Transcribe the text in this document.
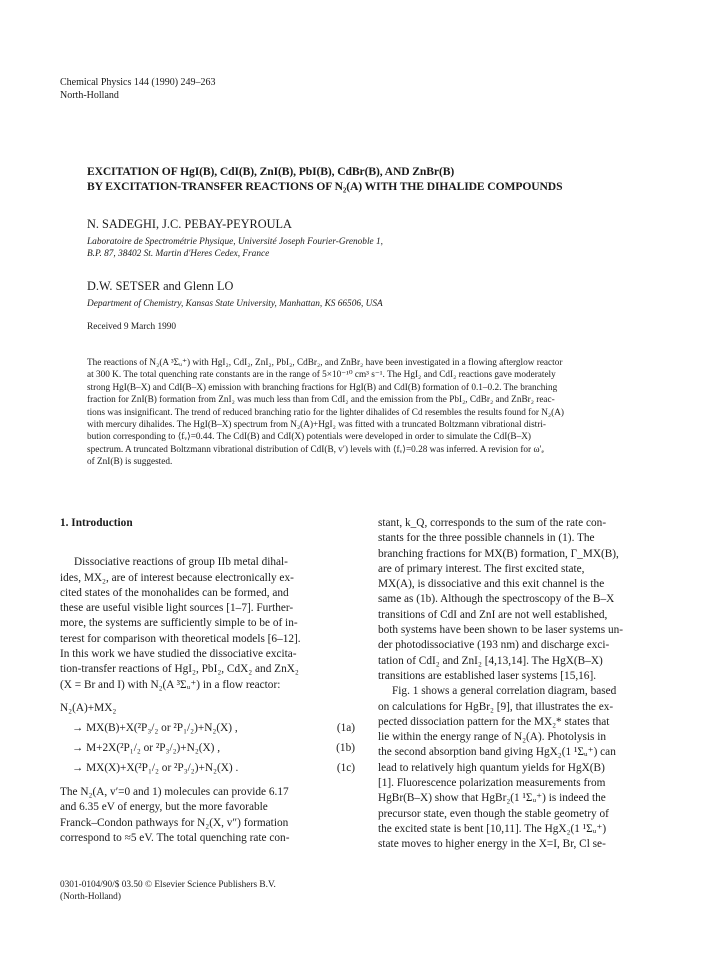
Chemical Physics 144 (1990) 249–263
North-Holland
EXCITATION OF HgI(B), CdI(B), ZnI(B), PbI(B), CdBr(B), AND ZnBr(B)
BY EXCITATION-TRANSFER REACTIONS OF N₂(A) WITH THE DIHALIDE COMPOUNDS
N. SADEGHI, J.C. PEBAY-PEYROULA
Laboratoire de Spectrométrie Physique, Université Joseph Fourier-Grenoble 1,
B.P. 87, 38402 St. Martin d'Heres Cedex, France
D.W. SETSER and Glenn LO
Department of Chemistry, Kansas State University, Manhattan, KS 66506, USA
Received 9 March 1990
The reactions of N₂(A ³Σᵤ⁺) with HgI₂, CdI₂, ZnI₂, PbI₂, CdBr₂, and ZnBr₂ have been investigated in a flowing afterglow reactor
at 300 K. The total quenching rate constants are in the range of 5×10⁻¹⁰ cm³ s⁻¹. The HgI₂ and CdI₂ reactions gave moderately
strong HgI(B–X) and CdI(B–X) emission with branching fractions for HgI(B) and CdI(B) formation of 0.1–0.2. The branching
fraction for ZnI(B) formation from ZnI₂ was much less than from CdI₂ and the emission from the PbI₂, CdBr₂ and ZnBr₂ reac-
tions was insignificant. The trend of reduced branching ratio for the lighter dihalides of Cd resembles the results found for N₂(A)
with mercury dihalides. The HgI(B–X) spectrum from N₂(A)+HgI₂ was fitted with a truncated Boltzmann vibrational distri-
bution corresponding to ⟨fᵥ⟩=0.44. The CdI(B) and CdI(X) potentials were developed in order to simulate the CdI(B–X)
spectrum. A truncated Boltzmann vibrational distribution of CdI(B, v′) levels with ⟨fᵥ⟩=0.28 was inferred. A revision for ω′ₑ
of ZnI(B) is suggested.

1. Introduction

Dissociative reactions of group IIb metal dihal-
ides, MX₂, are of interest because electronically ex-
cited states of the monohalides can be formed, and
these are useful visible light sources [1–7]. Further-
more, the systems are sufficiently simple to be of in-
terest for comparison with theoretical models [6–12].
In this work we have studied the dissociative excita-
tion-transfer reactions of HgI₂, PbI₂, CdX₂ and ZnX₂
(X = Br and I) with N₂(A ³Σᵤ⁺) in a flow reactor:
N₂(A)+MX₂
→ MX(B)+X(²P₃/₂ or ²P₁/₂)+N₂(X) ,	(1a)
→ M+2X(²P₁/₂ or ²P₃/₂)+N₂(X) ,	(1b)
→ MX(X)+X(²P₁/₂ or ²P₃/₂)+N₂(X) .	(1c)
The N₂(A, v′=0 and 1) molecules can provide 6.17
and 6.35 eV of energy, but the more favorable
Franck–Condon pathways for N₂(X, v″) formation
correspond to ≈5 eV. The total quenching rate con-
stant, k_Q, corresponds to the sum of the rate con-
stants for the three possible channels in (1). The
branching fractions for MX(B) formation, Γ_MX(B),
are of primary interest. The first excited state,
MX(A), is dissociative and this exit channel is the
same as (1b). Although the spectroscopy of the B–X
transitions of CdI and ZnI are not well established,
both systems have been shown to be laser systems un-
der photodissociative (193 nm) and discharge exci-
tation of CdI₂ and ZnI₂ [4,13,14]. The HgX(B–X)
transitions are established laser systems [15,16].
Fig. 1 shows a general correlation diagram, based
on calculations for HgBr₂ [9], that illustrates the ex-
pected dissociation pattern for the MX₂* states that
lie within the energy range of N₂(A). Photolysis in
the second absorption band giving HgX₂(1 ¹Σᵤ⁺) can
lead to relatively high quantum yields for HgX(B)
[1]. Fluorescence polarization measurements from
HgBr(B–X) show that HgBr₂(1 ¹Σᵤ⁺) is indeed the
precursor state, even though the stable geometry of
the excited state is bent [10,11]. The HgX₂(1 ¹Σᵤ⁺)
state moves to higher energy in the X=I, Br, Cl se-
0301-0104/90/$ 03.50 © Elsevier Science Publishers B.V.
(North-Holland)
